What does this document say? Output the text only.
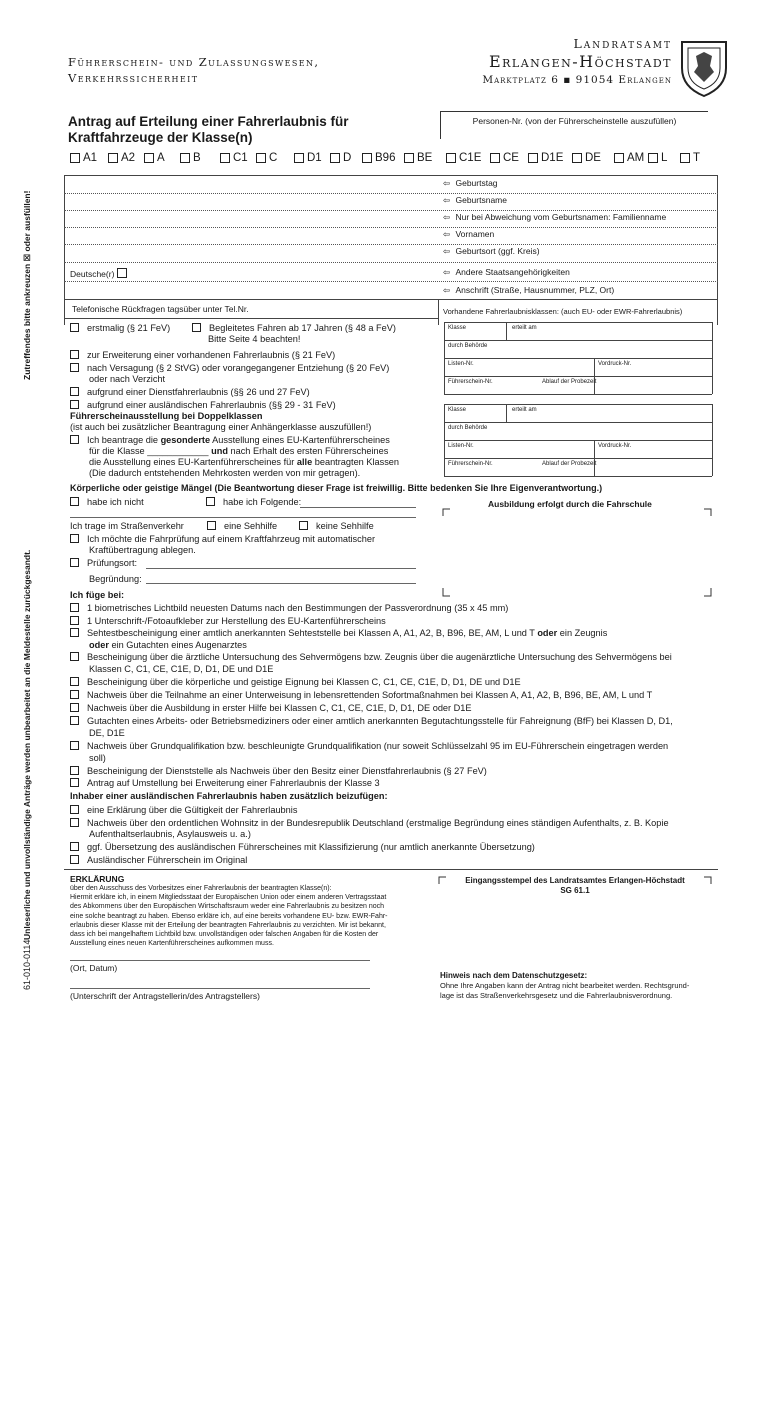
Führerschein- und Zulassungswesen,
Verkehrssicherheit
Landratsamt
Erlangen-Höchstadt
Marktplatz 6 ▪ 91054 Erlangen
Zutreffendes bitte ankreuzen ☒ oder ausfüllen!
Unleserliche und unvollständige Anträge werden unbearbeitet an die Meldestelle zurückgesandt.
61-010-0114
Antrag auf Erteilung einer Fahrerlaubnis für
Kraftfahrzeuge der Klasse(n)
Personen-Nr. (von der Führerscheinstelle auszufüllen)
A1 A2 A B	C1 C	D1 D B96 BE C1E CE D1E DE AM L T
⇦ Geburtstag
⇦ Geburtsname
⇦ Nur bei Abweichung vom Geburtsnamen: Familienname
⇦ Vornamen
⇦ Geburtsort (ggf. Kreis)
⇦ Andere Staatsangehörigkeiten
⇦ Anschrift (Straße, Hausnummer, PLZ, Ort)
Deutsche(r)
Telefonische Rückfragen tagsüber unter Tel.Nr.	Vorhandene Fahrerlaubnisklassen: (auch EU- oder EWR-Fahrerlaubnis)
Klasse	erteilt am
durch Behörde
Listen-Nr.	Vordruck-Nr.
Führerschein-Nr.	Ablauf der Probezeit
Klasse	erteilt am
durch Behörde
Listen-Nr.	Vordruck-Nr.
Führerschein-Nr.	Ablauf der Probezeit
erstmalig (§ 21 FeV)	Begleitetes Fahren ab 17 Jahren (§ 48 a FeV)
Bitte Seite 4 beachten!
zur Erweiterung einer vorhandenen Fahrerlaubnis (§ 21 FeV)
nach Versagung (§ 2 StVG) oder vorangegangener Entziehung (§ 20 FeV)
oder nach Verzicht
aufgrund einer Dienstfahrerlaubnis (§§ 26 und 27 FeV)
aufgrund einer ausländischen Fahrerlaubnis (§§ 29 - 31 FeV)
Führerscheinausstellung bei Doppelklassen
(ist auch bei zusätzlicher Beantragung einer Anhängerklasse auszufüllen!)
Ich beantrage die gesonderte Ausstellung eines EU-Kartenführerscheines
für die Klasse ____________ und nach Erhalt des ersten Führerscheines
die Ausstellung eines EU-Kartenführerscheines für alle beantragten Klassen
(Die dadurch entstehenden Mehrkosten werden von mir getragen).
Körperliche oder geistige Mängel (Die Beantwortung dieser Frage ist freiwillig. Bitte bedenken Sie Ihre Eigenverantwortung.)
habe ich nicht	habe ich Folgende:
Ich trage im Straßenverkehr	eine Sehhilfe	keine Sehhilfe
Ich möchte die Fahrprüfung auf einem Kraftfahrzeug mit automatischer
Kraftübertragung ablegen.
Prüfungsort:
Begründung:
Ausbildung erfolgt durch die Fahrschule
Ich füge bei:
1 biometrisches Lichtbild neuesten Datums nach den Bestimmungen der Passverordnung (35 x 45 mm)
1 Unterschrift-/Fotoaufkleber zur Herstellung des EU-Kartenführerscheins
Sehtestbescheinigung einer amtlich anerkannten Sehteststelle bei Klassen A, A1, A2, B, B96, BE, AM, L und T oder ein Zeugnis
oder ein Gutachten eines Augenarztes
Bescheinigung über die ärztliche Untersuchung des Sehvermögens bzw. Zeugnis über die augenärztliche Untersuchung des Sehvermögens bei
Klassen C, C1, CE, C1E, D, D1, DE und D1E
Bescheinigung über die körperliche und geistige Eignung bei Klassen C, C1, CE, C1E, D, D1, DE und D1E
Nachweis über die Teilnahme an einer Unterweisung in lebensrettenden Sofortmaßnahmen bei Klassen A, A1, A2, B, B96, BE, AM, L und T
Nachweis über die Ausbildung in erster Hilfe bei Klassen C, C1, CE, C1E, D, D1, DE oder D1E
Gutachten eines Arbeits- oder Betriebsmediziners oder einer amtlich anerkannten Begutachtungsstelle für Fahreignung (BfF) bei Klassen D, D1,
DE, D1E
Nachweis über Grundqualifikation bzw. beschleunigte Grundqualifikation (nur soweit Schlüsselzahl 95 im EU-Führerschein eingetragen werden
soll)
Bescheinigung der Dienststelle als Nachweis über den Besitz einer Dienstfahrerlaubnis (§ 27 FeV)
Antrag auf Umstellung bei Erweiterung einer Fahrerlaubnis der Klasse 3
Inhaber einer ausländischen Fahrerlaubnis haben zusätzlich beizufügen:
eine Erklärung über die Gültigkeit der Fahrerlaubnis
Nachweis über den ordentlichen Wohnsitz in der Bundesrepublik Deutschland (erstmalige Begründung eines ständigen Aufenthalts, z. B. Kopie
Aufenthaltserlaubnis, Asylausweis u. a.)
ggf. Übersetzung des ausländischen Führerscheines mit Klassifizierung (nur amtlich anerkannte Übersetzung)
Ausländischer Führerschein im Original
ERKLÄRUNG
über den Ausschuss des Vorbesitzes einer Fahrerlaubnis der beantragten Klasse(n):
Hiermit erkläre ich, in einem Mitgliedsstaat der Europäischen Union oder einem anderen Vertragsstaat
des Abkommens über den Europäischen Wirtschaftsraum weder eine Fahrerlaubnis zu besitzen noch
eine solche beantragt zu haben. Ebenso erkläre ich, auf eine bereits vorhandene EU- bzw. EWR-Fahr-
erlaubnis dieser Klasse mit der Erteilung der beantragten Fahrerlaubnis zu verzichten. Mir ist bekannt,
dass ich bei mangelhaftem Lichtbild bzw. unvollständigen oder falschen Angaben für die Kosten der
Ausstellung eines neuen Kartenführerscheines aufkommen muss.
(Ort, Datum)
(Unterschrift der Antragstellerin/des Antragstellers)
Eingangsstempel des Landratsamtes Erlangen-Höchstadt
SG 61.1
Hinweis nach dem Datenschutzgesetz:
Ohne Ihre Angaben kann der Antrag nicht bearbeitet werden. Rechtsgrund-
lage ist das Straßenverkehrsgesetz und die Fahrerlaubnisverordnung.
